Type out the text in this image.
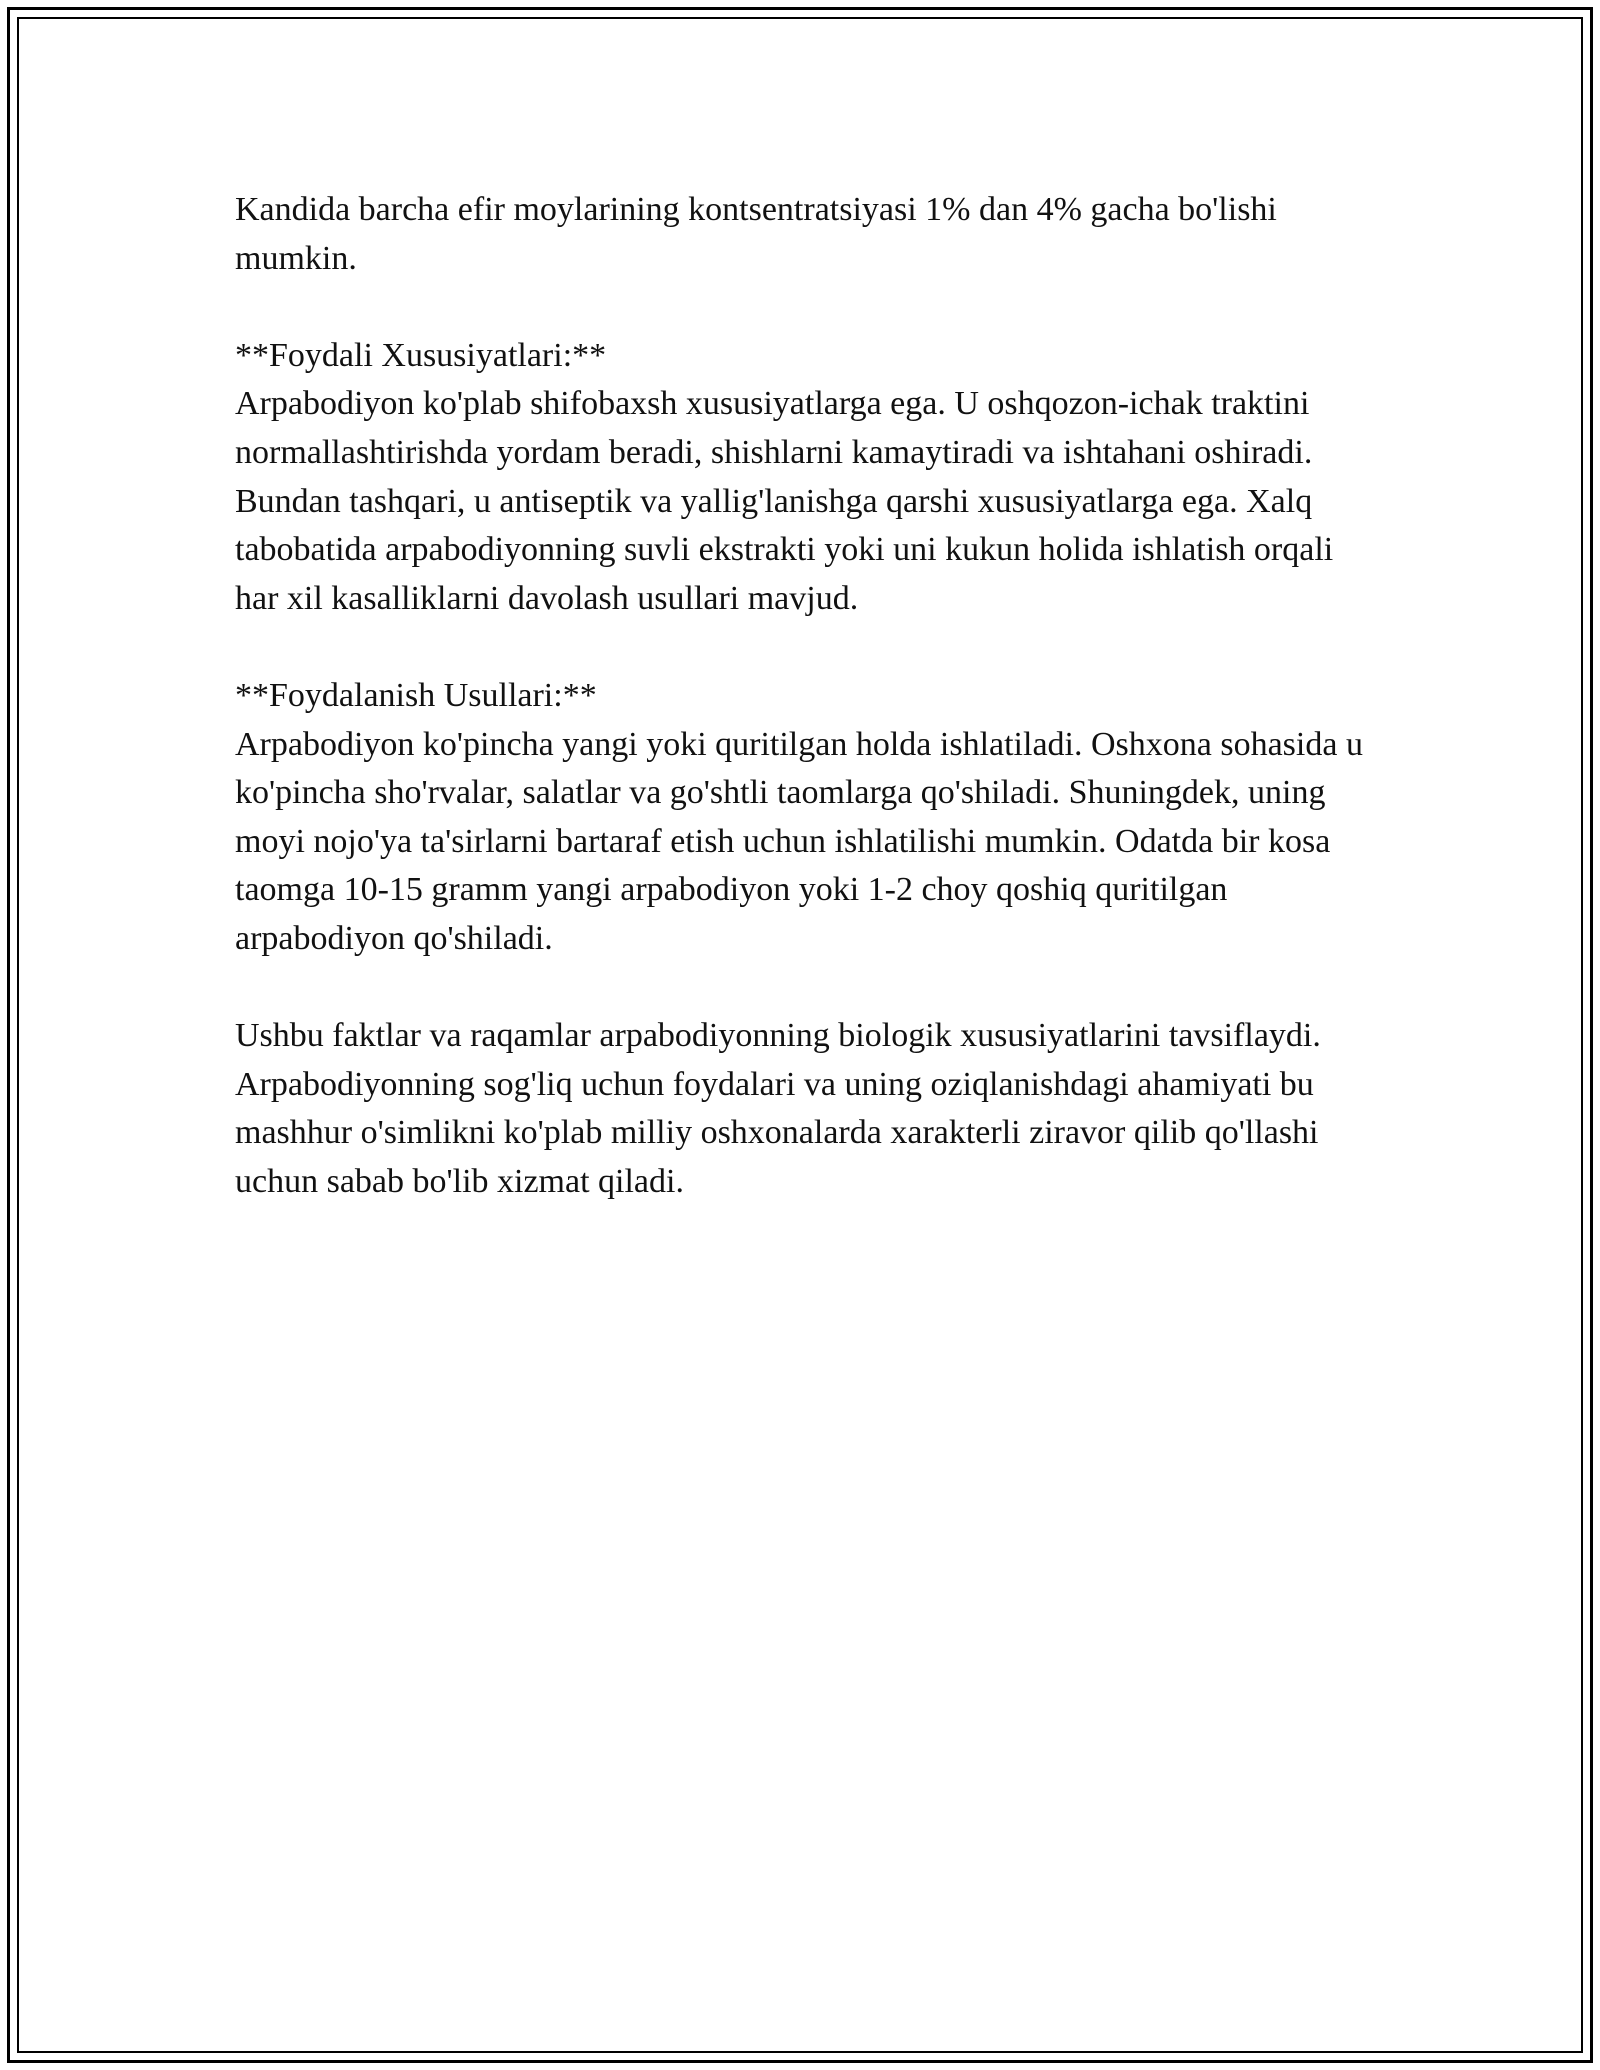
Kandida barcha efir moylarining kontsentratsiyasi 1% dan 4% gacha bo'lishi mumkin.

**Foydali Xususiyatlari:**
Arpabodiyon ko'plab shifobaxsh xususiyatlarga ega. U oshqozon-ichak traktini normallashtirishda yordam beradi, shishlarni kamaytiradi va ishtahani oshiradi. Bundan tashqari, u antiseptik va yallig'lanishga qarshi xususiyatlarga ega. Xalq tabobatida arpabodiyonning suvli ekstrakti yoki uni kukun holida ishlatish orqali har xil kasalliklarni davolash usullari mavjud.

**Foydalanish Usullari:**
Arpabodiyon ko'pincha yangi yoki quritilgan holda ishlatiladi. Oshxona sohasida u ko'pincha sho'rvalar, salatlar va go'shtli taomlarga qo'shiladi. Shuningdek, uning moyi nojo'ya ta'sirlarni bartaraf etish uchun ishlatilishi mumkin. Odatda bir kosa taomga 10-15 gramm yangi arpabodiyon yoki 1-2 choy qoshiq quritilgan arpabodiyon qo'shiladi.

Ushbu faktlar va raqamlar arpabodiyonning biologik xususiyatlarini tavsiflaydi. Arpabodiyonning sog'liq uchun foydalari va uning oziqlanishdagi ahamiyati bu mashhur o'simlikni ko'plab milliy oshxonalarda xarakterli ziravor qilib qo'llashi uchun sabab bo'lib xizmat qiladi.
